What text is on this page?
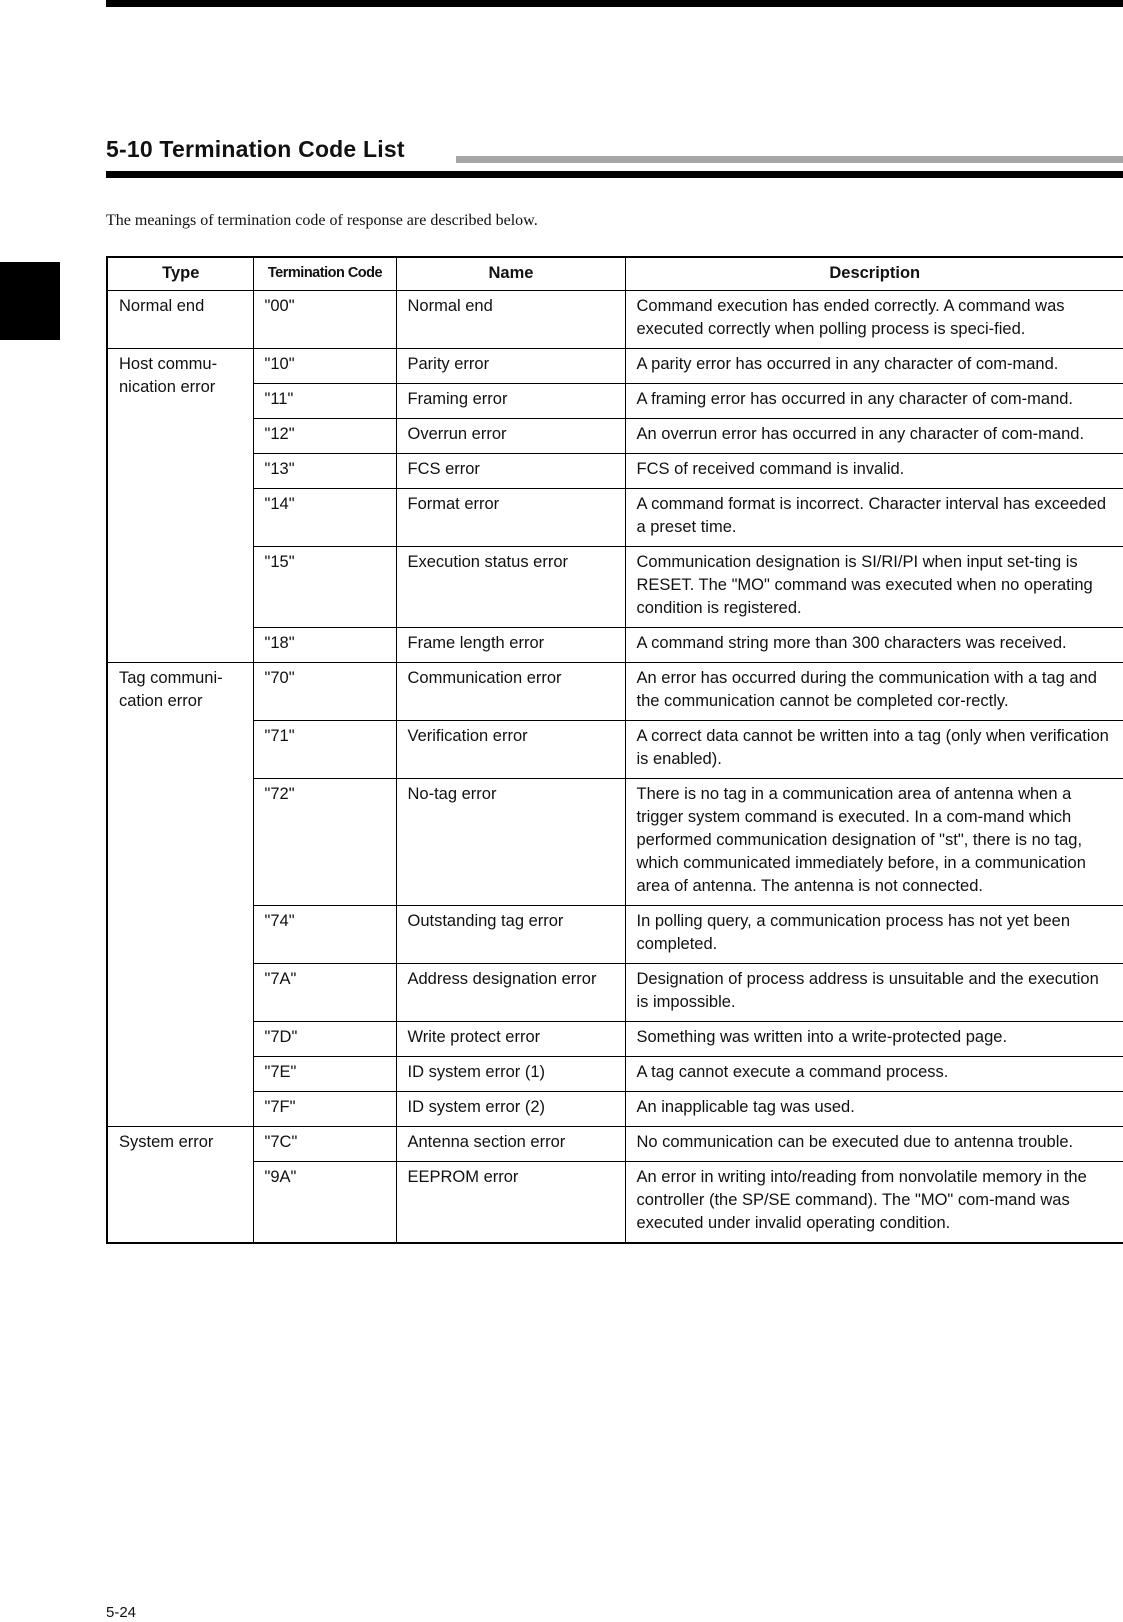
5-10 Termination Code List

The meanings of termination code of response are described below.

Type	Termination Code	Name	Description
Normal end	"00"	Normal end	Command execution has ended correctly. A command was executed correctly when polling process is speci-fied.
Host commu-nication error	"10"	Parity error	A parity error has occurred in any character of com-mand.
	"11"	Framing error	A framing error has occurred in any character of com-mand.
	"12"	Overrun error	An overrun error has occurred in any character of com-mand.
	"13"	FCS error	FCS of received command is invalid.
	"14"	Format error	A command format is incorrect. Character interval has exceeded a preset time.
	"15"	Execution status error	Communication designation is SI/RI/PI when input set-ting is RESET. The "MO" command was executed when no operating condition is registered.
	"18"	Frame length error	A command string more than 300 characters was received.
Tag communi-cation error	"70"	Communication error	An error has occurred during the communication with a tag and the communication cannot be completed cor-rectly.
	"71"	Verification error	A correct data cannot be written into a tag (only when verification is enabled).
	"72"	No-tag error	There is no tag in a communication area of antenna when a trigger system command is executed. In a com-mand which performed communication designation of "st", there is no tag, which communicated immediately before, in a communication area of antenna. The antenna is not connected.
	"74"	Outstanding tag error	In polling query, a communication process has not yet been completed.
	"7A"	Address designation error	Designation of process address is unsuitable and the execution is impossible.
	"7D"	Write protect error	Something was written into a write-protected page.
	"7E"	ID system error (1)	A tag cannot execute a command process.
	"7F"	ID system error (2)	An inapplicable tag was used.
System error	"7C"	Antenna section error	No communication can be executed due to antenna trouble.
	"9A"	EEPROM error	An error in writing into/reading from nonvolatile memory in the controller (the SP/SE command). The "MO" com-mand was executed under invalid operating condition.

5-24
